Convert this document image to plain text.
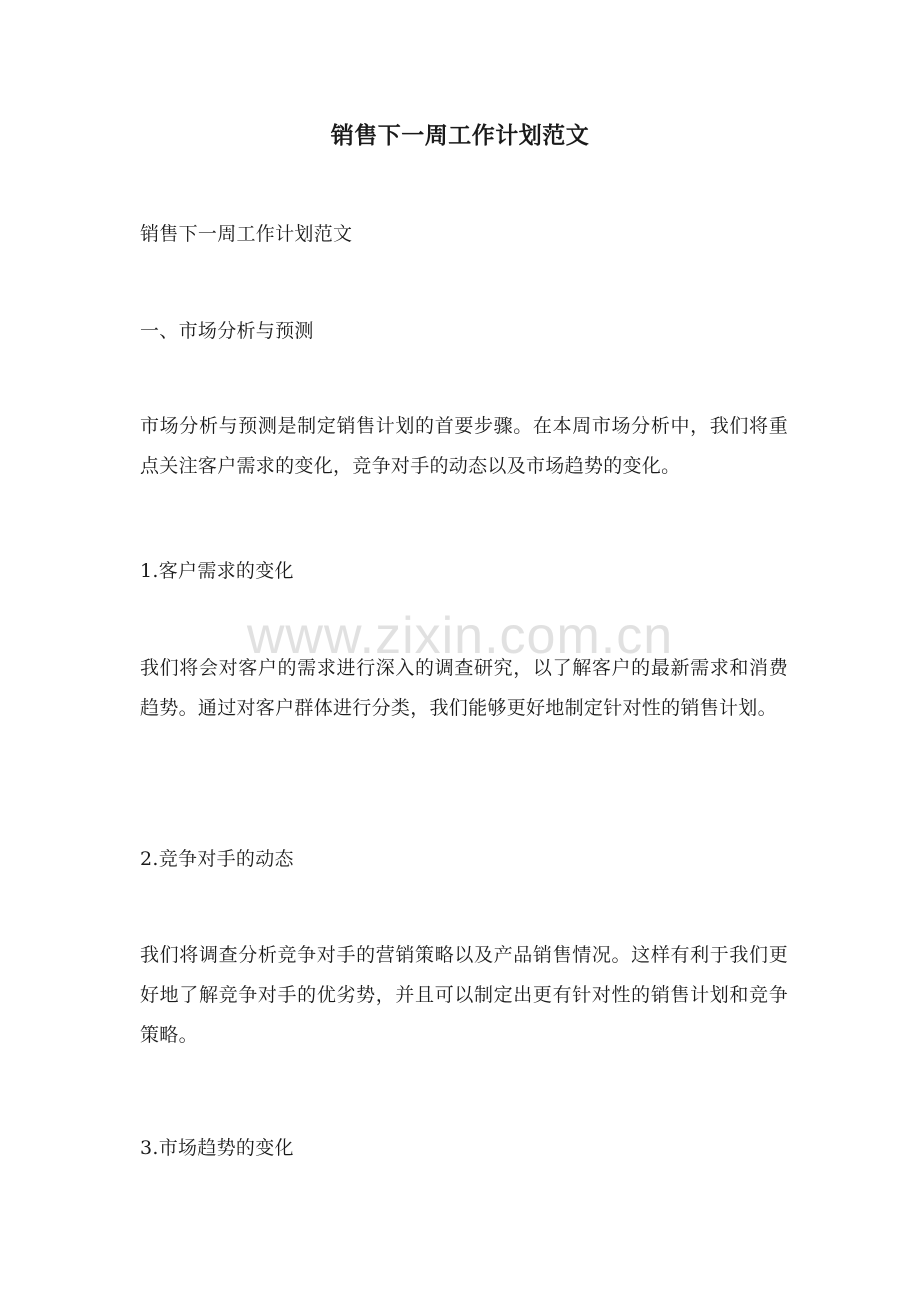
销售下一周工作计划范文
销售下一周工作计划范文
一、市场分析与预测
市场分析与预测是制定销售计划的首要步骤。在本周市场分析中，我们将重点关注客户需求的变化，竞争对手的动态以及市场趋势的变化。
1.客户需求的变化
我们将会对客户的需求进行深入的调查研究，以了解客户的最新需求和消费趋势。通过对客户群体进行分类，我们能够更好地制定针对性的销售计划。
2.竞争对手的动态
我们将调查分析竞争对手的营销策略以及产品销售情况。这样有利于我们更好地了解竞争对手的优劣势，并且可以制定出更有针对性的销售计划和竞争策略。
3.市场趋势的变化
www.zixin.com.cn
